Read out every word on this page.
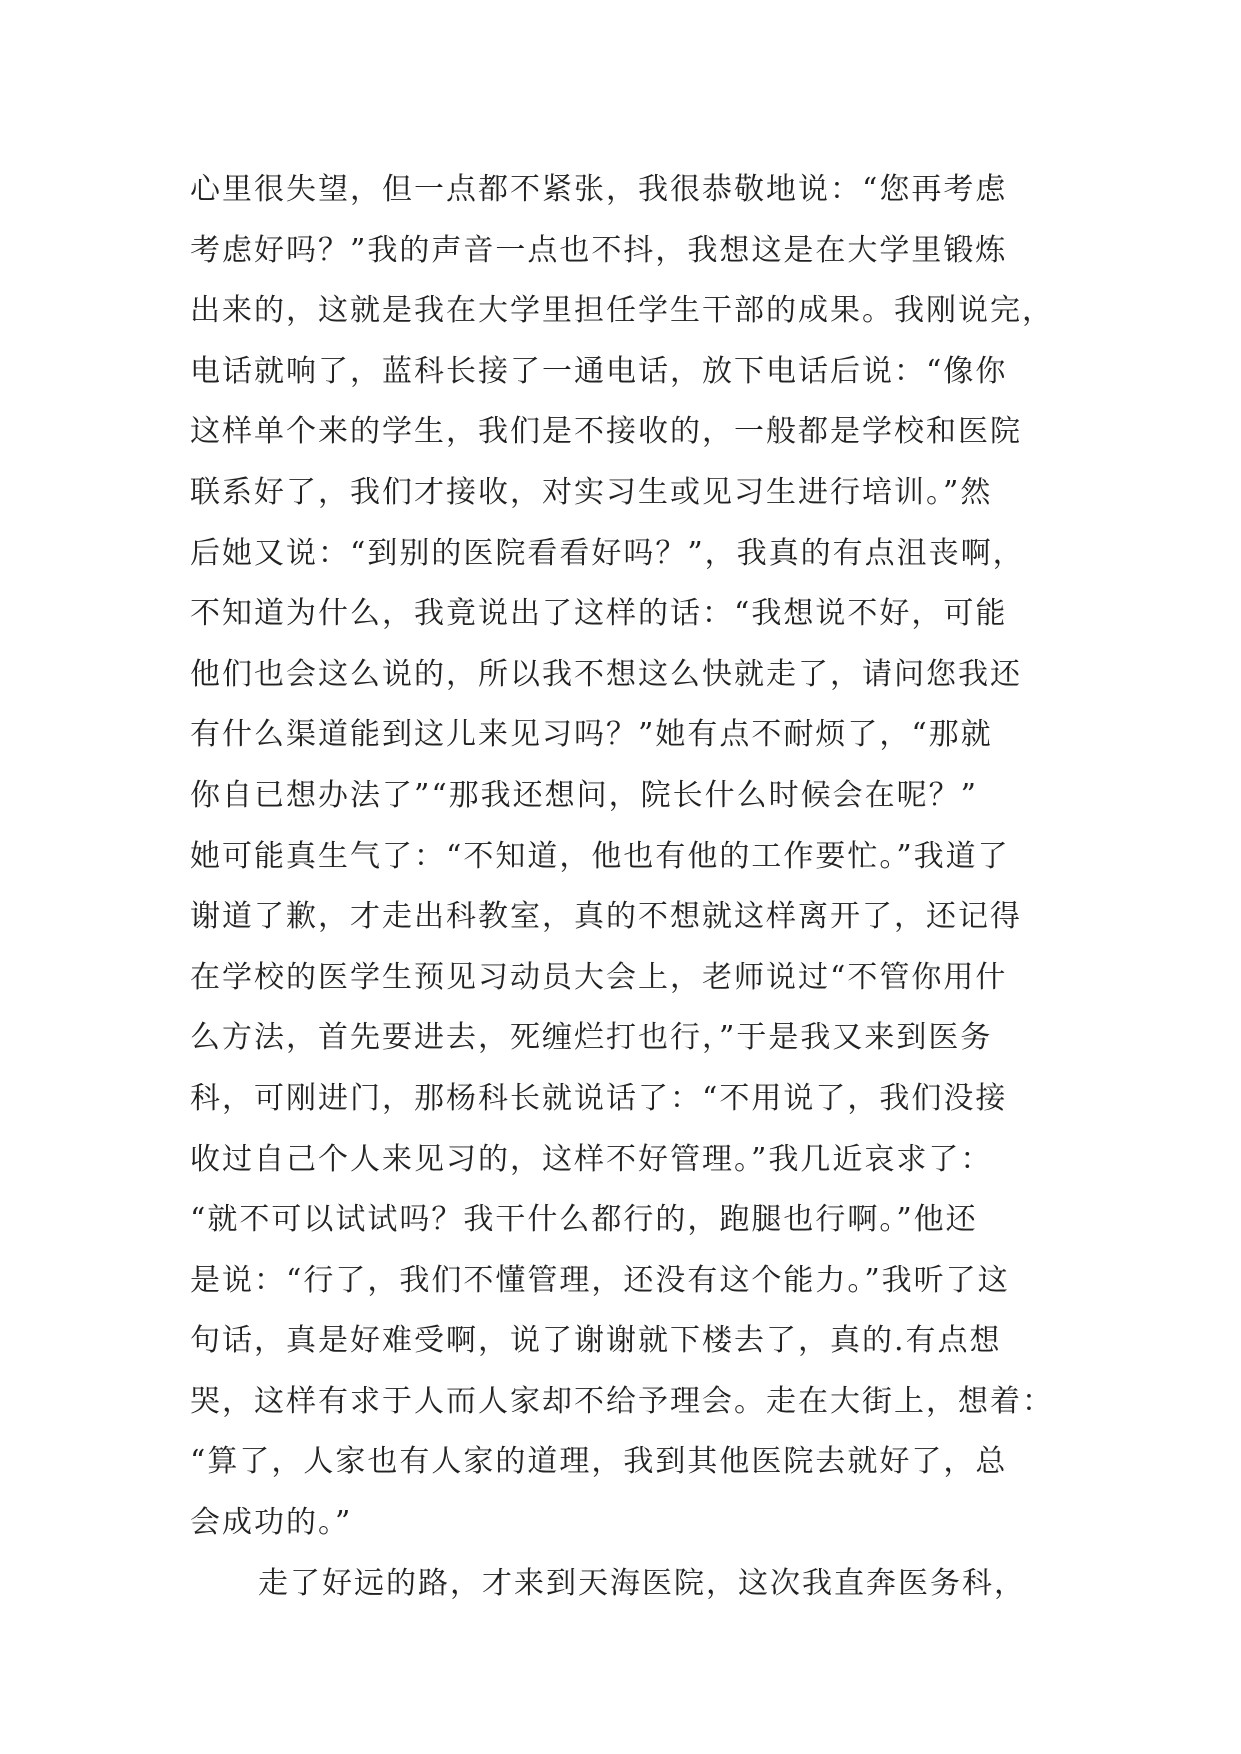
心里很失望，但一点都不紧张，我很恭敬地说：“您再考虑
考虑好吗？”我的声音一点也不抖，我想这是在大学里锻炼
出来的，这就是我在大学里担任学生干部的成果。我刚说完，
电话就响了，蓝科长接了一通电话，放下电话后说：“像你
这样单个来的学生，我们是不接收的，一般都是学校和医院
联系好了，我们才接收，对实习生或见习生进行培训。”然
后她又说：“到别的医院看看好吗？”，我真的有点沮丧啊，
不知道为什么，我竟说出了这样的话：“我想说不好，可能
他们也会这么说的，所以我不想这么快就走了，请问您我还
有什么渠道能到这儿来见习吗？”她有点不耐烦了，“那就
你自已想办法了”“那我还想问，院长什么时候会在呢？”
她可能真生气了：“不知道，他也有他的工作要忙。”我道了
谢道了歉，才走出科教室，真的不想就这样离开了，还记得
在学校的医学生预见习动员大会上，老师说过“不管你用什
么方法，首先要进去，死缠烂打也行，”于是我又来到医务
科，可刚进门，那杨科长就说话了：“不用说了，我们没接
收过自己个人来见习的，这样不好管理。”我几近哀求了：
“就不可以试试吗？我干什么都行的，跑腿也行啊。”他还
是说：“行了，我们不懂管理，还没有这个能力。”我听了这
句话，真是好难受啊，说了谢谢就下楼去了，真的.有点想
哭，这样有求于人而人家却不给予理会。走在大街上，想着：
“算了，人家也有人家的道理，我到其他医院去就好了，总
会成功的。”
走了好远的路，才来到天海医院，这次我直奔医务科，
